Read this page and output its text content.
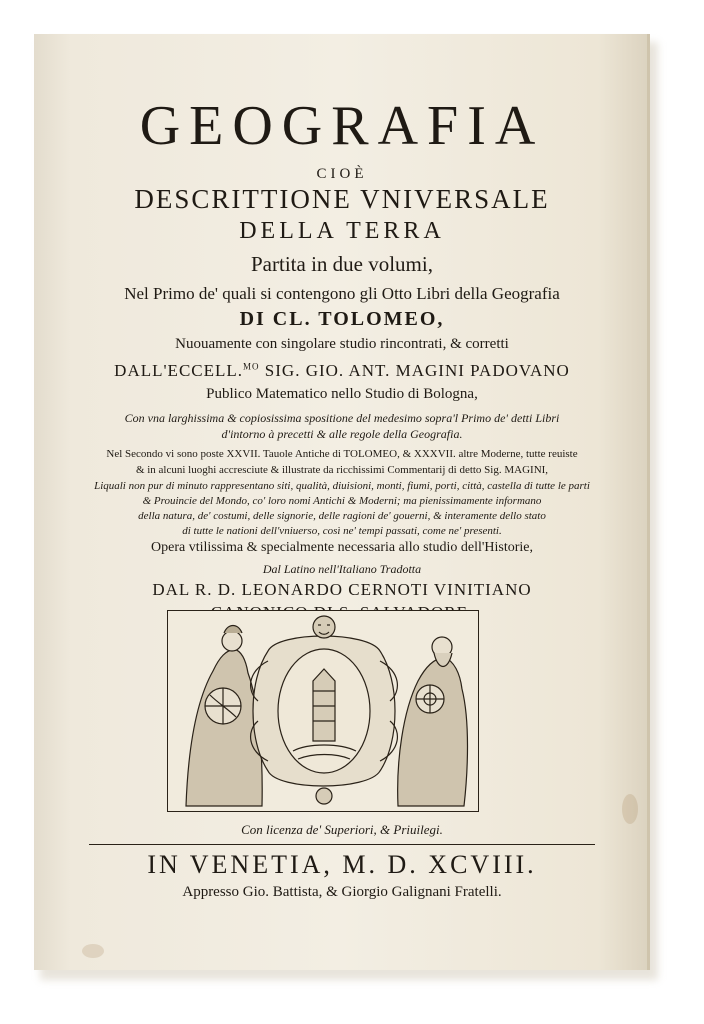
GEOGRAFIA
CIOÈ
DESCRITTIONE VNIVERSALE
DELLA TERRA
Partita in due volumi,
Nel Primo de' quali si contengono gli Otto Libri della Geografia
DI CL. TOLOMEO,
Nuouamente con singolare studio rincontrati, & corretti
DALL'ECCELL.$^{MO}$ SIG. GIO. ANT. MAGINI PADOVANO
Publico Matematico nello Studio di Bologna,
Con vna larghissima & copiosissima spositione del medesimo sopra'l Primo de' detti Libri
d'intorno à precetti & alle regole della Geografia.
Nel Secondo vi sono poste XXVII. Tauole Antiche di TOLOMEO, & XXXVII. altre Moderne, tutte reuiste
& in alcuni luoghi accresciute & illustrate da ricchissimi Commentarij di detto Sig. MAGINI,
Liquali non pur di minuto rappresentano siti, qualità, diuisioni, monti, fiumi, porti, città, castella di tutte le parti
& Prouincie del Mondo, co' loro nomi Antichi & Moderni; ma pienissimamente informano
della natura, de' costumi, delle signorie, delle ragioni de' gouerni, & interamente dello stato
di tutte le nationi dell'vniuerso, così ne' tempi passati, come ne' presenti.
Opera vtilissima & specialmente necessaria allo studio dell'Historie,
Dal Latino nell'Italiano Tradotta
DAL R. D. LEONARDO CERNOTI VINITIANO
Con licenza de' Superiori, & Priuilegi.
IN VENETIA, M. D. XCVIII.
Appresso Gio. Battista, & Giorgio Galignani Fratelli.
